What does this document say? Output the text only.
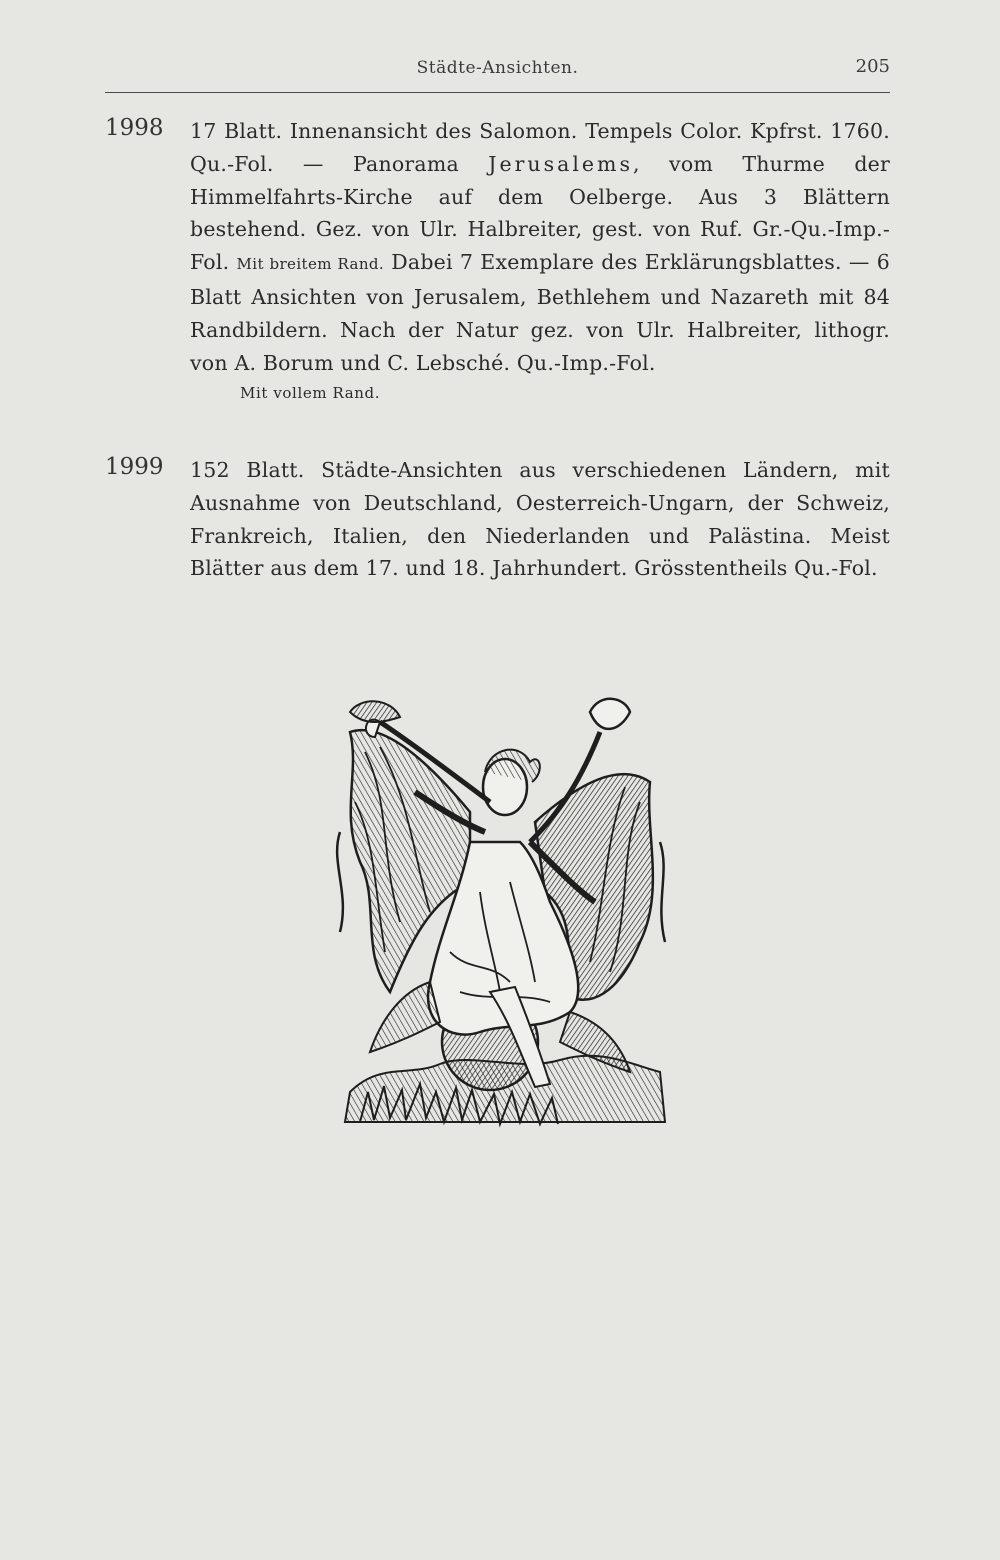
Städte-Ansichten.	205
1998 17 Blatt. Innenansicht des Salomon. Tempels Color. Kpfrst. 1760. Qu.-Fol. — Panorama Jerusalems, vom Thurme der Himmelfahrts-Kirche auf dem Oelberge. Aus 3 Blättern bestehend. Gez. von Ulr. Halbreiter, gest. von Ruf. Gr.-Qu.-Imp.-Fol. Mit breitem Rand. Dabei 7 Exemplare des Erklärungsblattes. — 6 Blatt Ansichten von Jerusalem, Bethlehem und Nazareth mit 84 Randbildern. Nach der Natur gez. von Ulr. Halbreiter, lithogr. von A. Borum und C. Lebsché. Qu.-Imp.-Fol.
Mit vollem Rand.
1999 152 Blatt. Städte-Ansichten aus verschiedenen Ländern, mit Ausnahme von Deutschland, Oesterreich-Ungarn, der Schweiz, Frankreich, Italien, den Niederlanden und Palästina. Meist Blätter aus dem 17. und 18. Jahrhundert. Grösstentheils Qu.-Fol.
